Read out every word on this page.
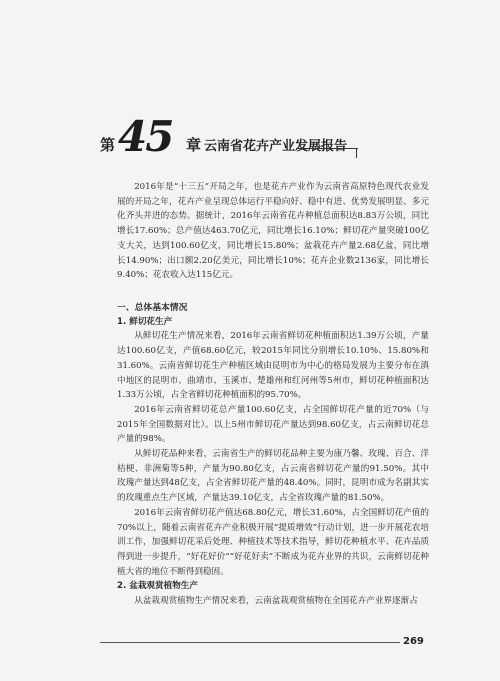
第 45 章 云南省花卉产业发展报告

2016年是“十三五”开局之年，也是花卉产业作为云南省高原特色现代农业发展的开局之年，花卉产业呈现总体运行平稳向好、稳中有进、优势发展明显、多元化齐头并进的态势。据统计，2016年云南省花卉种植总面积达8.83万公顷，同比增长17.60%；总产值达463.70亿元，同比增长16.10%；鲜切花产量突破100亿支大关，达到100.60亿支，同比增长15.80%；盆栽花卉产量2.68亿盆，同比增长14.90%；出口额2.20亿美元，同比增长10%；花卉企业数2136家，同比增长9.40%；花农收入达115亿元。

一、总体基本情况
1. 鲜切花生产

从鲜切花生产情况来看，2016年云南省鲜切花种植面积达1.39万公顷，产量达100.60亿支，产值68.60亿元，较2015年同比分别增长10.10%、15.80%和31.60%。云南省鲜切花生产种植区域由昆明市为中心的格局发展为主要分布在滇中地区的昆明市、曲靖市、玉溪市、楚雄州和红河州等5州市，鲜切花种植面积达1.33万公顷，占全省鲜切花种植面积的95.70%。

2016年云南省鲜切花总产量100.60亿支，占全国鲜切花产量的近70%（与2015年全国数据对比）。以上5州市鲜切花产量达到98.60亿支，占云南鲜切花总产量的98%。

从鲜切花品种来看，云南省生产的鲜切花品种主要为康乃馨、玫瑰、百合、洋桔梗、非洲菊等5种，产量为90.80亿支，占云南省鲜切花产量的91.50%。其中玫瑰产量达到48亿支，占全省鲜切花产量的48.40%。同时，昆明市成为名副其实的玫瑰重点生产区域，产量达39.10亿支，占全省玫瑰产量的81.50%。

2016年云南省鲜切花产值达68.80亿元，增长31.60%，占全国鲜切花产值的70%以上，随着云南省花卉产业积极开展“提质增效”行动计划，进一步开展花农培训工作，加强鲜切花采后处理、种植技术等技术指导，鲜切花种植水平、花卉品质得到进一步提升，“好花好价”“好花好卖”不断成为花卉业界的共识，云南鲜切花种植大省的地位不断得到稳固。

2. 盆栽观赏植物生产

从盆栽观赏植物生产情况来看，云南盆栽观赏植物在全国花卉产业界逐渐占

269
